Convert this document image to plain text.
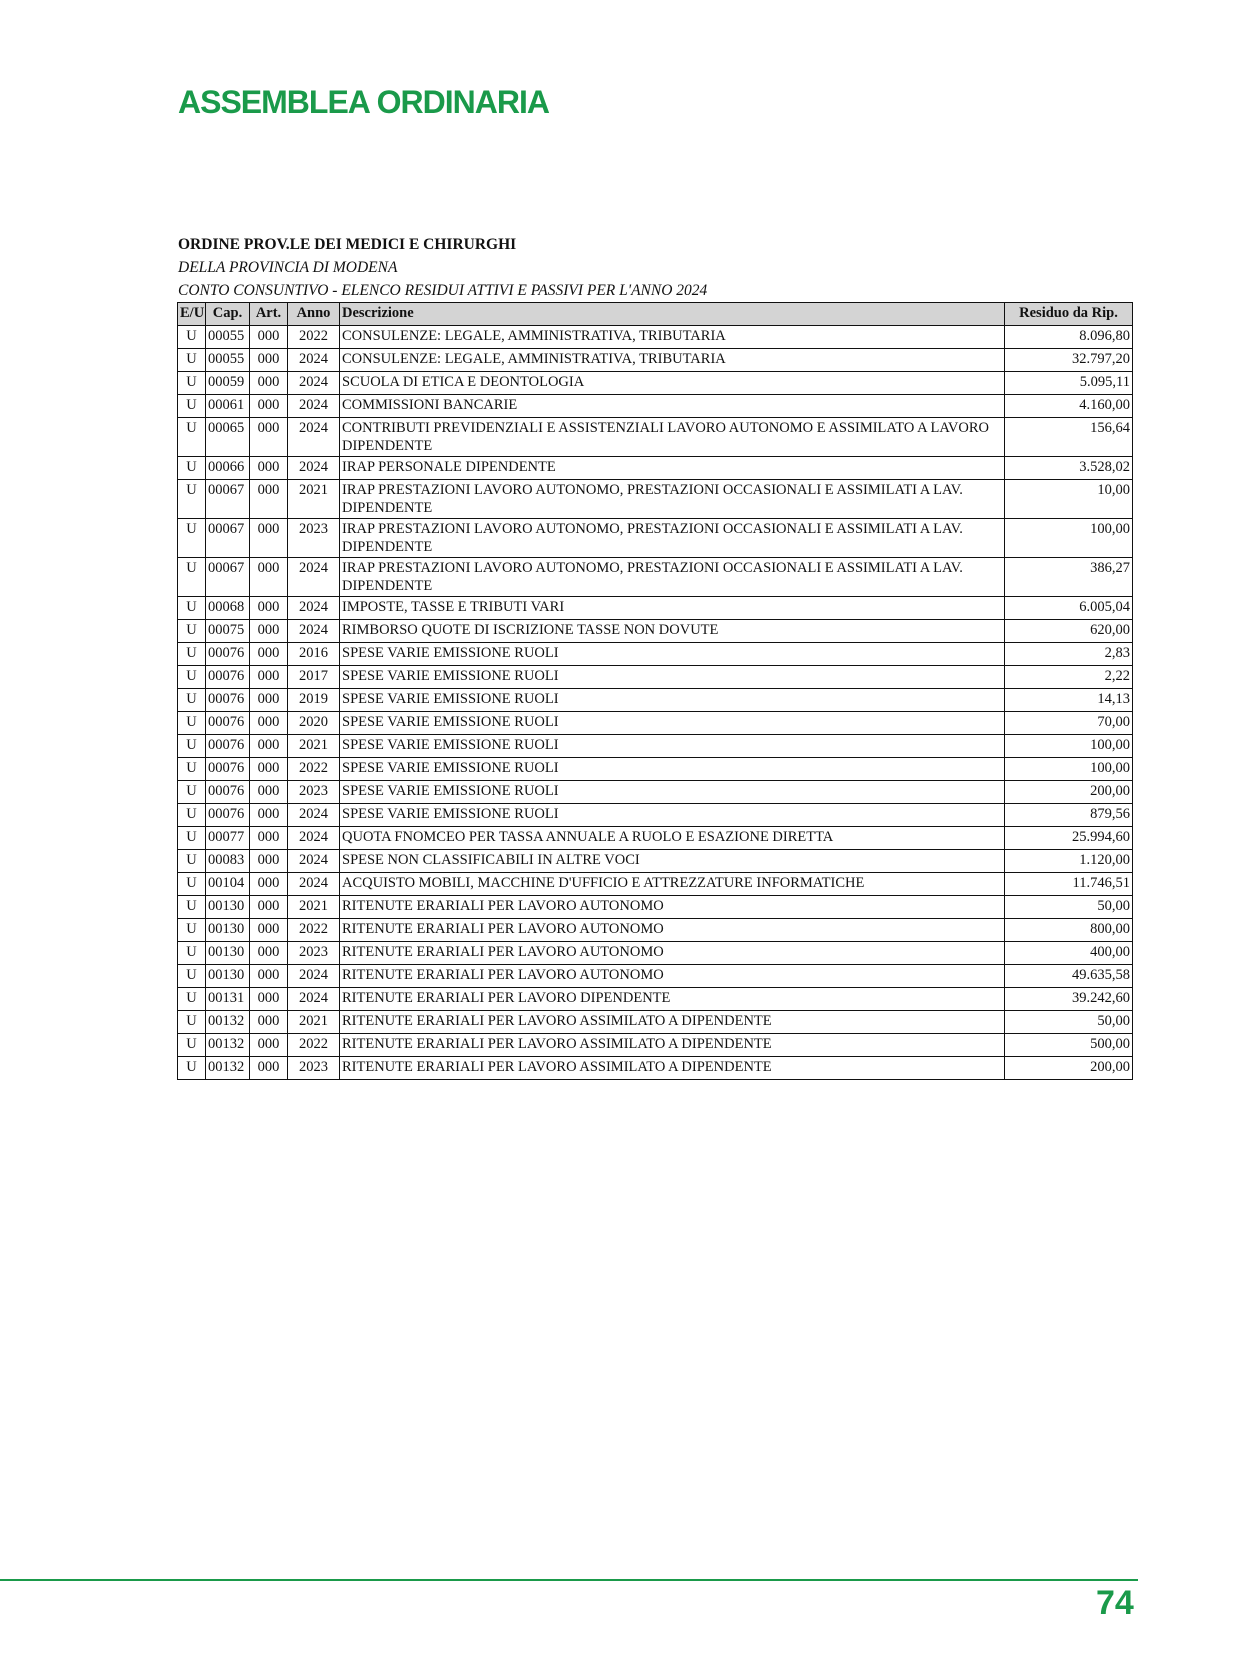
ASSEMBLEA ORDINARIA
ORDINE PROV.LE DEI MEDICI E CHIRURGHI
DELLA PROVINCIA DI MODENA
CONTO CONSUNTIVO - ELENCO RESIDUI ATTIVI E PASSIVI PER L'ANNO 2024
E/U	Cap.	Art.	Anno	Descrizione	Residuo da Rip.
U	00055	000	2022	CONSULENZE: LEGALE, AMMINISTRATIVA, TRIBUTARIA	8.096,80
U	00055	000	2024	CONSULENZE: LEGALE, AMMINISTRATIVA, TRIBUTARIA	32.797,20
U	00059	000	2024	SCUOLA DI ETICA E DEONTOLOGIA	5.095,11
U	00061	000	2024	COMMISSIONI BANCARIE	4.160,00
U	00065	000	2024	CONTRIBUTI PREVIDENZIALI E ASSISTENZIALI LAVORO AUTONOMO E ASSIMILATO A LAVORO DIPENDENTE	156,64
U	00066	000	2024	IRAP PERSONALE DIPENDENTE	3.528,02
U	00067	000	2021	IRAP PRESTAZIONI LAVORO AUTONOMO, PRESTAZIONI OCCASIONALI E ASSIMILATI A LAV. DIPENDENTE	10,00
U	00067	000	2023	IRAP PRESTAZIONI LAVORO AUTONOMO, PRESTAZIONI OCCASIONALI E ASSIMILATI A LAV. DIPENDENTE	100,00
U	00067	000	2024	IRAP PRESTAZIONI LAVORO AUTONOMO, PRESTAZIONI OCCASIONALI E ASSIMILATI A LAV. DIPENDENTE	386,27
U	00068	000	2024	IMPOSTE, TASSE E TRIBUTI VARI	6.005,04
U	00075	000	2024	RIMBORSO QUOTE DI ISCRIZIONE TASSE NON DOVUTE	620,00
U	00076	000	2016	SPESE VARIE EMISSIONE RUOLI	2,83
U	00076	000	2017	SPESE VARIE EMISSIONE RUOLI	2,22
U	00076	000	2019	SPESE VARIE EMISSIONE RUOLI	14,13
U	00076	000	2020	SPESE VARIE EMISSIONE RUOLI	70,00
U	00076	000	2021	SPESE VARIE EMISSIONE RUOLI	100,00
U	00076	000	2022	SPESE VARIE EMISSIONE RUOLI	100,00
U	00076	000	2023	SPESE VARIE EMISSIONE RUOLI	200,00
U	00076	000	2024	SPESE VARIE EMISSIONE RUOLI	879,56
U	00077	000	2024	QUOTA FNOMCEO PER TASSA ANNUALE A RUOLO E ESAZIONE DIRETTA	25.994,60
U	00083	000	2024	SPESE NON CLASSIFICABILI IN ALTRE VOCI	1.120,00
U	00104	000	2024	ACQUISTO MOBILI, MACCHINE D'UFFICIO E ATTREZZATURE INFORMATICHE	11.746,51
U	00130	000	2021	RITENUTE ERARIALI PER LAVORO AUTONOMO	50,00
U	00130	000	2022	RITENUTE ERARIALI PER LAVORO AUTONOMO	800,00
U	00130	000	2023	RITENUTE ERARIALI PER LAVORO AUTONOMO	400,00
U	00130	000	2024	RITENUTE ERARIALI PER LAVORO AUTONOMO	49.635,58
U	00131	000	2024	RITENUTE ERARIALI PER LAVORO DIPENDENTE	39.242,60
U	00132	000	2021	RITENUTE ERARIALI PER LAVORO ASSIMILATO A DIPENDENTE	50,00
U	00132	000	2022	RITENUTE ERARIALI PER LAVORO ASSIMILATO A DIPENDENTE	500,00
U	00132	000	2023	RITENUTE ERARIALI PER LAVORO ASSIMILATO A DIPENDENTE	200,00
74
